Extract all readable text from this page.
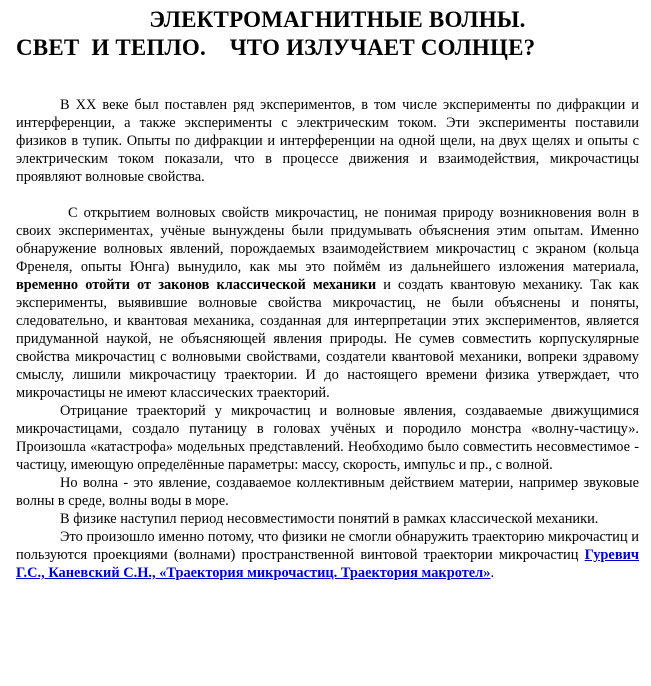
ЭЛЕКТРОМАГНИТНЫЕ ВОЛНЫ.
СВЕТ  И ТЕПЛО.    ЧТО ИЗЛУЧАЕТ СОЛНЦЕ?

В XX веке был поставлен ряд экспериментов, в том числе эксперименты по дифракции и интерференции, а также эксперименты с электрическим током. Эти эксперименты поставили физиков в тупик. Опыты по дифракции и интерференции на одной щели, на двух щелях и опыты с электрическим током показали, что в процессе движения и взаимодействия, микрочастицы проявляют волновые свойства.

С открытием волновых свойств микрочастиц, не понимая природу возникновения волн в своих экспериментах, учёные вынуждены были придумывать объяснения этим опытам. Именно обнаружение волновых явлений, порождаемых взаимодействием микрочастиц с экраном (кольца Френеля, опыты Юнга) вынудило, как мы это поймём из дальнейшего изложения материала, временно отойти от законов классической механики и создать квантовую механику. Так как эксперименты, выявившие волновые свойства микрочастиц, не были объяснены и поняты, следовательно, и квантовая механика, созданная для интерпретации этих экспериментов, является придуманной наукой, не объясняющей явления природы. Не сумев совместить корпускулярные свойства микрочастиц с волновыми свойствами, создатели квантовой механики, вопреки здравому смыслу, лишили микрочастицу траектории. И до настоящего времени физика утверждает, что микрочастицы не имеют классических траекторий.

Отрицание траекторий у микрочастиц и волновые явления, создаваемые движущимися микрочастицами, создало путаницу в головах учёных и породило монстра «волну-частицу». Произошла «катастрофа» модельных представлений. Необходимо было совместить несовместимое - частицу, имеющую определённые параметры: массу, скорость, импульс и пр., с волной.

Но волна - это явление, создаваемое коллективным действием материи, например звуковые волны в среде, волны воды в море.

В физике наступил период несовместимости понятий в рамках классической механики.

Это произошло именно потому, что физики не смогли обнаружить траекторию микрочастиц и пользуются проекциями (волнами) пространственной винтовой траектории микрочастиц Гуревич Г.С., Каневский С.Н., «Траектория микрочастиц. Траектория макротел».
